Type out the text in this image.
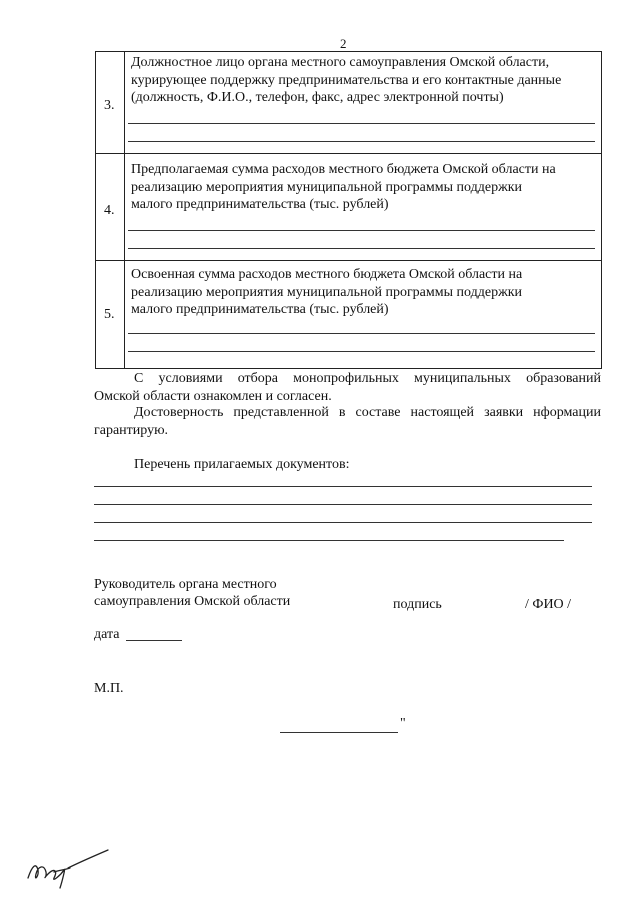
2
3.
Должностное лицо органа местного самоуправления Омской области,
курирующее поддержку предпринимательства и его контактные данные
(должность, Ф.И.О., телефон, факс, адрес электронной почты)
4.
Предполагаемая сумма расходов местного бюджета Омской области на
реализацию мероприятия муниципальной программы поддержки
малого предпринимательства (тыс. рублей)
5.
Освоенная сумма расходов местного бюджета Омской области на
реализацию мероприятия муниципальной программы поддержки
малого предпринимательства (тыс. рублей)
С условиями отбора монопрофильных муниципальных образований
Омской области ознакомлен и согласен.
Достоверность представленной в составе настоящей заявки нформации
гарантирую.
Перечень прилагаемых документов:
Руководитель органа местного
самоуправления Омской области	подпись	/ ФИО /
дата
М.П.
"
